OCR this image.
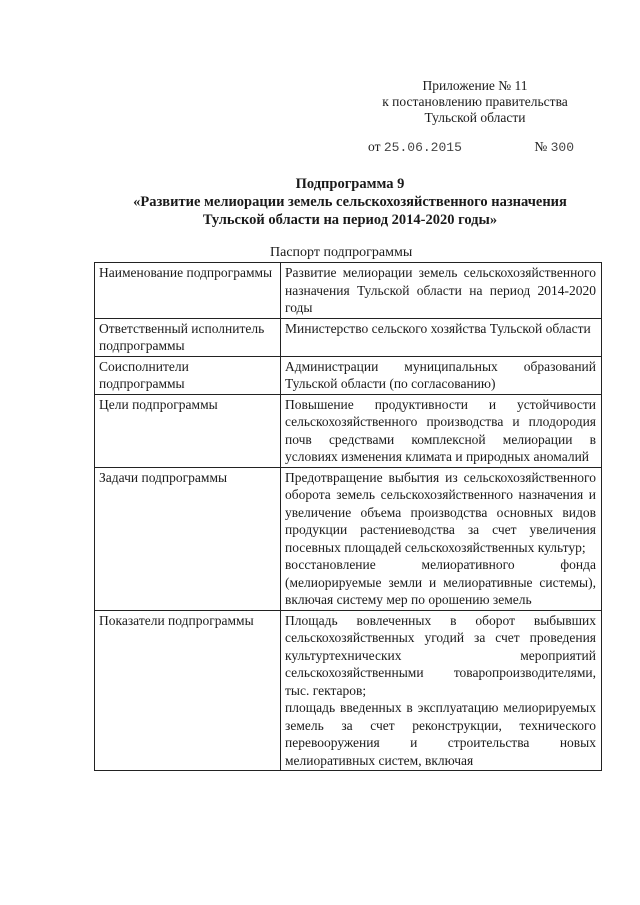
Приложение № 11
к постановлению правительства
Тульской области
от 25.06.2015	№ 300
Подпрограмма 9
«Развитие мелиорации земель сельскохозяйственного назначения
Тульской области на период 2014-2020 годы»
Паспорт подпрограммы
Наименование подпрограммы	Развитие мелиорации земель сельскохозяйственного назначения Тульской области на период 2014-2020 годы

Ответственный исполнитель подпрограммы	Министерство сельского хозяйства Тульской области

Соисполнители подпрограммы	Администрации муниципальных образований Тульской области (по согласованию)

Цели подпрограммы	Повышение продуктивности и устойчивости сельскохозяйственного производства и плодородия почв средствами комплексной мелиорации в условиях изменения климата и природных аномалий

Задачи подпрограммы	Предотвращение выбытия из сельскохозяйственного оборота земель сельскохозяйственного назначения и увеличение объема производства основных видов продукции растениеводства за счет увеличения посевных площадей сельскохозяйственных культур;

восстановление мелиоративного фонда (мелиорируемые земли и мелиоративные системы), включая систему мер по орошению земель

Показатели подпрограммы	Площадь вовлеченных в оборот выбывших сельскохозяйственных угодий за счет проведения культуртехнических мероприятий сельскохозяйственными товаропроизводителями, тыс. гектаров;

площадь введенных в эксплуатацию мелиорируемых земель за счет реконструкции, технического перевооружения и строительства новых мелиоративных систем, включая
